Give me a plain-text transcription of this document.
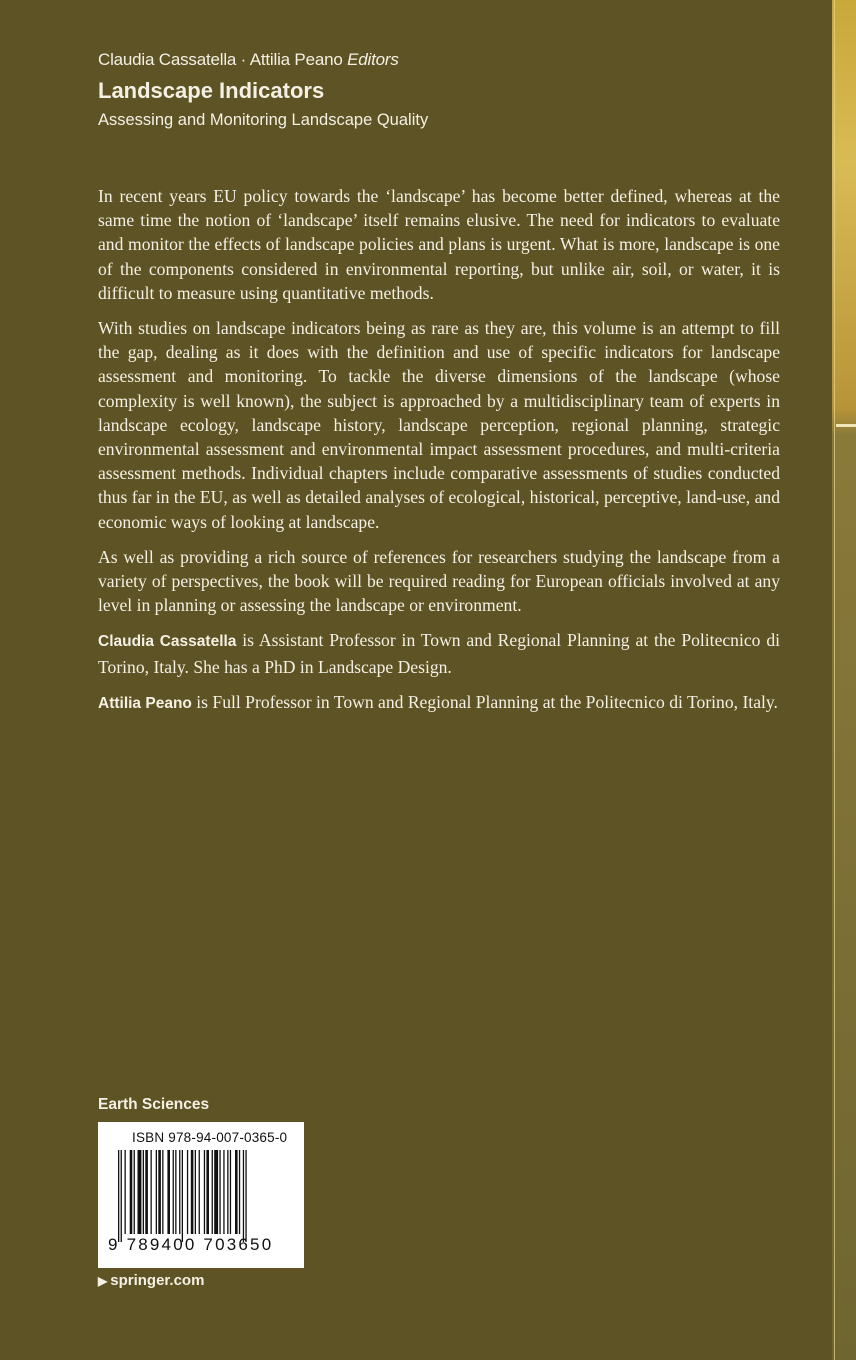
Claudia Cassatella · Attilia Peano Editors
Landscape Indicators
Assessing and Monitoring Landscape Quality

In recent years EU policy towards the ‘landscape’ has become better defined, whereas at the same time the notion of ‘landscape’ itself remains elusive. The need for indicators to evaluate and monitor the effects of landscape policies and plans is urgent. What is more, landscape is one of the components considered in environmental reporting, but unlike air, soil, or water, it is difficult to measure using quantitative methods.

With studies on landscape indicators being as rare as they are, this volume is an attempt to fill the gap, dealing as it does with the definition and use of specific indicators for landscape assessment and monitoring. To tackle the diverse dimensions of the landscape (whose complexity is well known), the subject is approached by a multidisciplinary team of experts in landscape ecology, landscape history, landscape perception, regional planning, strategic environmental assessment and environmental impact assessment procedures, and multi-criteria assessment methods. Individual chapters include comparative assessments of studies conducted thus far in the EU, as well as detailed analyses of ecological, historical, perceptive, land-use, and economic ways of looking at landscape.

As well as providing a rich source of references for researchers studying the landscape from a variety of perspectives, the book will be required reading for European officials involved at any level in planning or assessing the landscape or environment.

Claudia Cassatella is Assistant Professor in Town and Regional Planning at the Politecnico di Torino, Italy. She has a PhD in Landscape Design.

Attilia Peano is Full Professor in Town and Regional Planning at the Politecnico di Torino, Italy.

Earth Sciences
ISBN 978-94-007-0365-0
9 789400 703650
▶ springer.com
